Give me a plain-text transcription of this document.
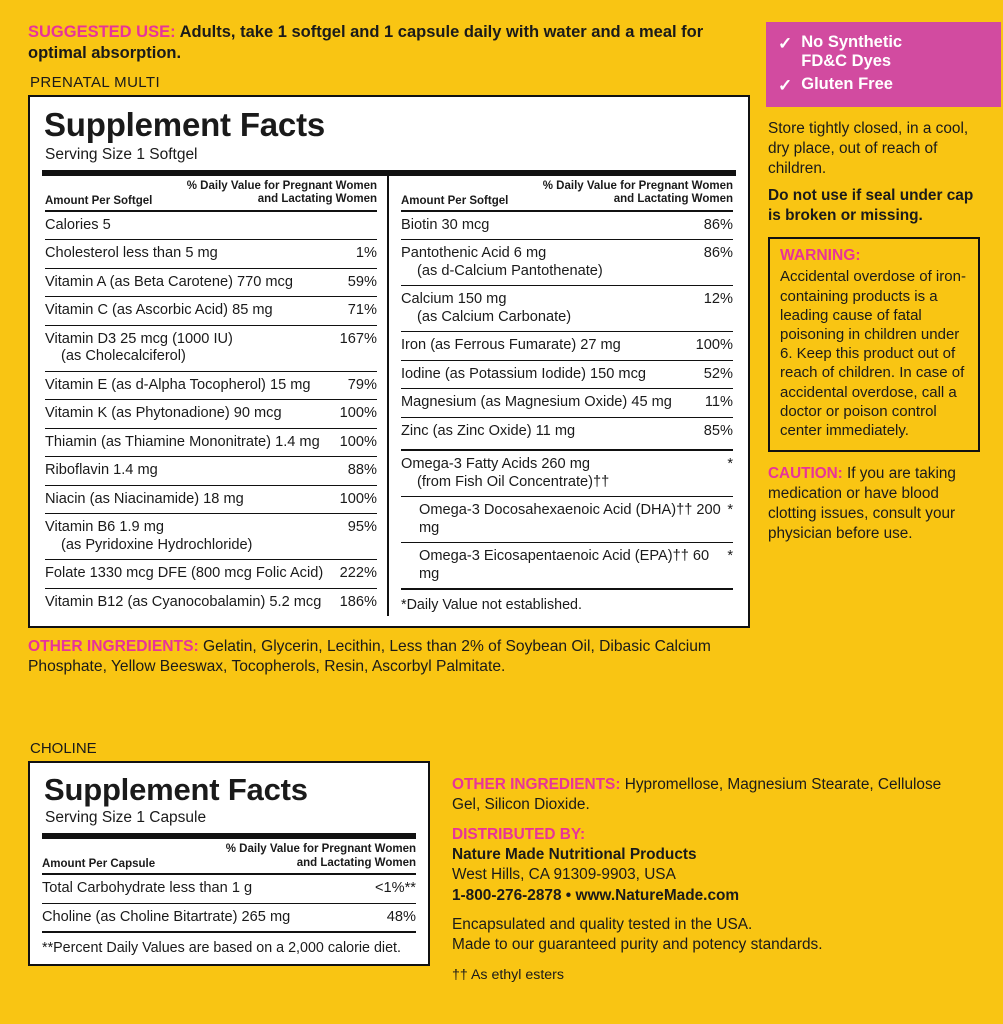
SUGGESTED USE: Adults, take 1 softgel and 1 capsule daily with water and a meal for optimal absorption.
PRENATAL MULTI
Supplement Facts
Serving Size 1 Softgel
Amount Per Softgel
% Daily Value for Pregnant Women
and Lactating Women
Calories 5	
Cholesterol less than 5 mg	1%
Vitamin A (as Beta Carotene) 770 mcg	59%
Vitamin C (as Ascorbic Acid) 85 mg	71%
Vitamin D3 25 mcg (1000 IU)
(as Cholecalciferol)	167%
Vitamin E (as d-Alpha Tocopherol) 15 mg	79%
Vitamin K (as Phytonadione) 90 mcg	100%
Thiamin (as Thiamine Mononitrate) 1.4 mg	100%
Riboflavin 1.4 mg	88%
Niacin (as Niacinamide) 18 mg	100%
Vitamin B6 1.9 mg
(as Pyridoxine Hydrochloride)	95%
Folate 1330 mcg DFE (800 mcg Folic Acid)	222%
Vitamin B12 (as Cyanocobalamin) 5.2 mcg	186%
Amount Per Softgel
% Daily Value for Pregnant Women
and Lactating Women
Biotin 30 mcg	86%
Pantothenic Acid 6 mg
(as d-Calcium Pantothenate)	86%
Calcium 150 mg
(as Calcium Carbonate)	12%
Iron (as Ferrous Fumarate) 27 mg	100%
Iodine (as Potassium Iodide) 150 mcg	52%
Magnesium (as Magnesium Oxide) 45 mg	11%
Zinc (as Zinc Oxide) 11 mg	85%
Omega-3 Fatty Acids 260 mg
(from Fish Oil Concentrate)††	*
Omega-3 Docosahexaenoic Acid (DHA)†† 200 mg	*
Omega-3 Eicosapentaenoic Acid (EPA)†† 60 mg	*
*Daily Value not established.
OTHER INGREDIENTS: Gelatin, Glycerin, Lecithin, Less than 2% of Soybean Oil, Dibasic Calcium Phosphate, Yellow Beeswax, Tocopherols, Resin, Ascorbyl Palmitate.
CHOLINE
Supplement Facts
Serving Size 1 Capsule
Amount Per Capsule
% Daily Value for Pregnant Women
and Lactating Women
Total Carbohydrate less than 1 g	<1%**
Choline (as Choline Bitartrate) 265 mg	48%
**Percent Daily Values are based on a 2,000 calorie diet.

OTHER INGREDIENTS: Hypromellose, Magnesium Stearate, Cellulose Gel, Silicon Dioxide.

DISTRIBUTED BY:
Nature Made Nutritional Products
West Hills, CA 91309-9903, USA
1-800-276-2878 • www.NatureMade.com

Encapsulated and quality tested in the USA.
Made to our guaranteed purity and potency standards.

†† As ethyl esters
✓ No Synthetic
FD&C Dyes
✓ Gluten Free
Store tightly closed, in a cool, dry place, out of reach of children.
Do not use if seal under cap is broken or missing.
WARNING:
Accidental overdose of iron-containing products is a leading cause of fatal poisoning in children under 6. Keep this product out of reach of children. In case of accidental overdose, call a doctor or poison control center immediately.
CAUTION: If you are taking medication or have blood clotting issues, consult your physician before use.
